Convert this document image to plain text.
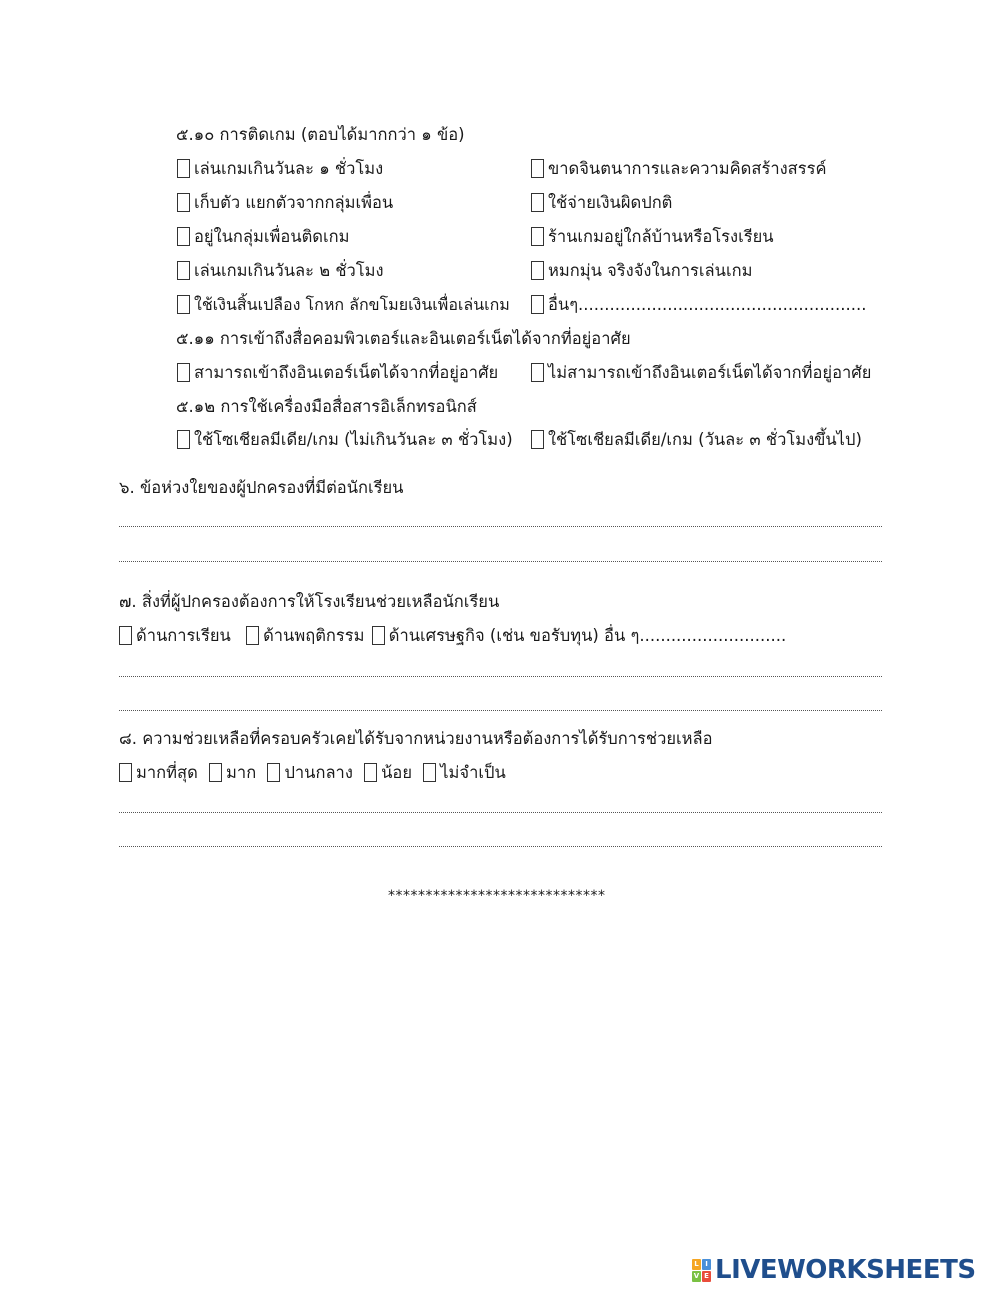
๕.๑๐ การติดเกม (ตอบได้มากกว่า ๑ ข้อ)
เล่นเกมเกินวันละ ๑ ชั่วโมง	ขาดจินตนาการและความคิดสร้างสรรค์
เก็บตัว แยกตัวจากกลุ่มเพื่อน	ใช้จ่ายเงินผิดปกติ
อยู่ในกลุ่มเพื่อนติดเกม	ร้านเกมอยู่ใกล้บ้านหรือโรงเรียน
เล่นเกมเกินวันละ ๒ ชั่วโมง	หมกมุ่น จริงจังในการเล่นเกม
ใช้เงินสิ้นเปลือง โกหก ลักขโมยเงินเพื่อเล่นเกม	อื่นๆ.......................................................
๕.๑๑ การเข้าถึงสื่อคอมพิวเตอร์และอินเตอร์เน็ตได้จากที่อยู่อาศัย
สามารถเข้าถึงอินเตอร์เน็ตได้จากที่อยู่อาศัย	ไม่สามารถเข้าถึงอินเตอร์เน็ตได้จากที่อยู่อาศัย
๕.๑๒ การใช้เครื่องมือสื่อสารอิเล็กทรอนิกส์
ใช้โซเชียลมีเดีย/เกม (ไม่เกินวันละ ๓ ชั่วโมง)	ใช้โซเชียลมีเดีย/เกม (วันละ ๓ ชั่วโมงขึ้นไป)
๖. ข้อห่วงใยของผู้ปกครองที่มีต่อนักเรียน
๗. สิ่งที่ผู้ปกครองต้องการให้โรงเรียนช่วยเหลือนักเรียน
ด้านการเรียน ด้านพฤติกรรม ด้านเศรษฐกิจ (เช่น ขอรับทุน) อื่น ๆ............................
๘. ความช่วยเหลือที่ครอบครัวเคยได้รับจากหน่วยงานหรือต้องการได้รับการช่วยเหลือ
มากที่สุด มาก ปานกลาง น้อย ไม่จำเป็น
*****************************
L I
V E LIVEWORKSHEETS
